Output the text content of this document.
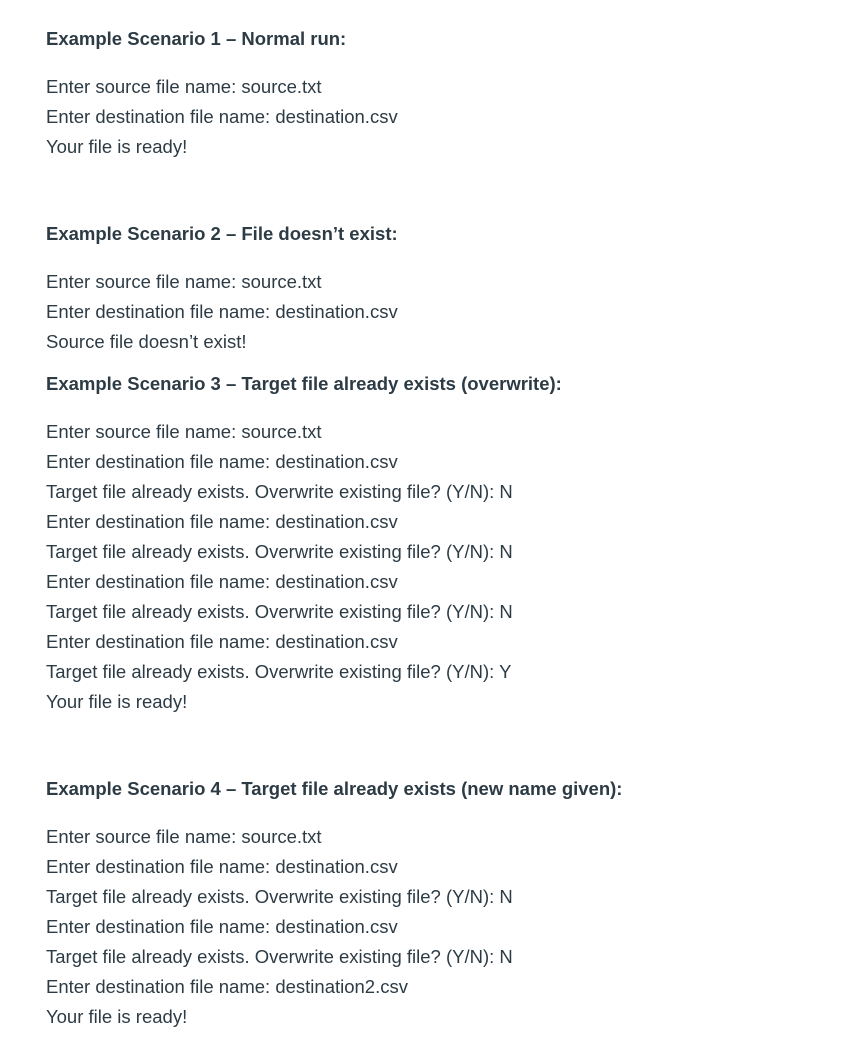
Example Scenario 1 – Normal run:

Enter source file name: source.txt
Enter destination file name: destination.csv
Your file is ready!

Example Scenario 2 – File doesn’t exist:

Enter source file name: source.txt
Enter destination file name: destination.csv
Source file doesn’t exist!

Example Scenario 3 – Target file already exists (overwrite):

Enter source file name: source.txt
Enter destination file name: destination.csv
Target file already exists. Overwrite existing file? (Y/N): N
Enter destination file name: destination.csv
Target file already exists. Overwrite existing file? (Y/N): N
Enter destination file name: destination.csv
Target file already exists. Overwrite existing file? (Y/N): N
Enter destination file name: destination.csv
Target file already exists. Overwrite existing file? (Y/N): Y
Your file is ready!

Example Scenario 4 – Target file already exists (new name given):

Enter source file name: source.txt
Enter destination file name: destination.csv
Target file already exists. Overwrite existing file? (Y/N): N
Enter destination file name: destination.csv
Target file already exists. Overwrite existing file? (Y/N): N
Enter destination file name: destination2.csv
Your file is ready!
